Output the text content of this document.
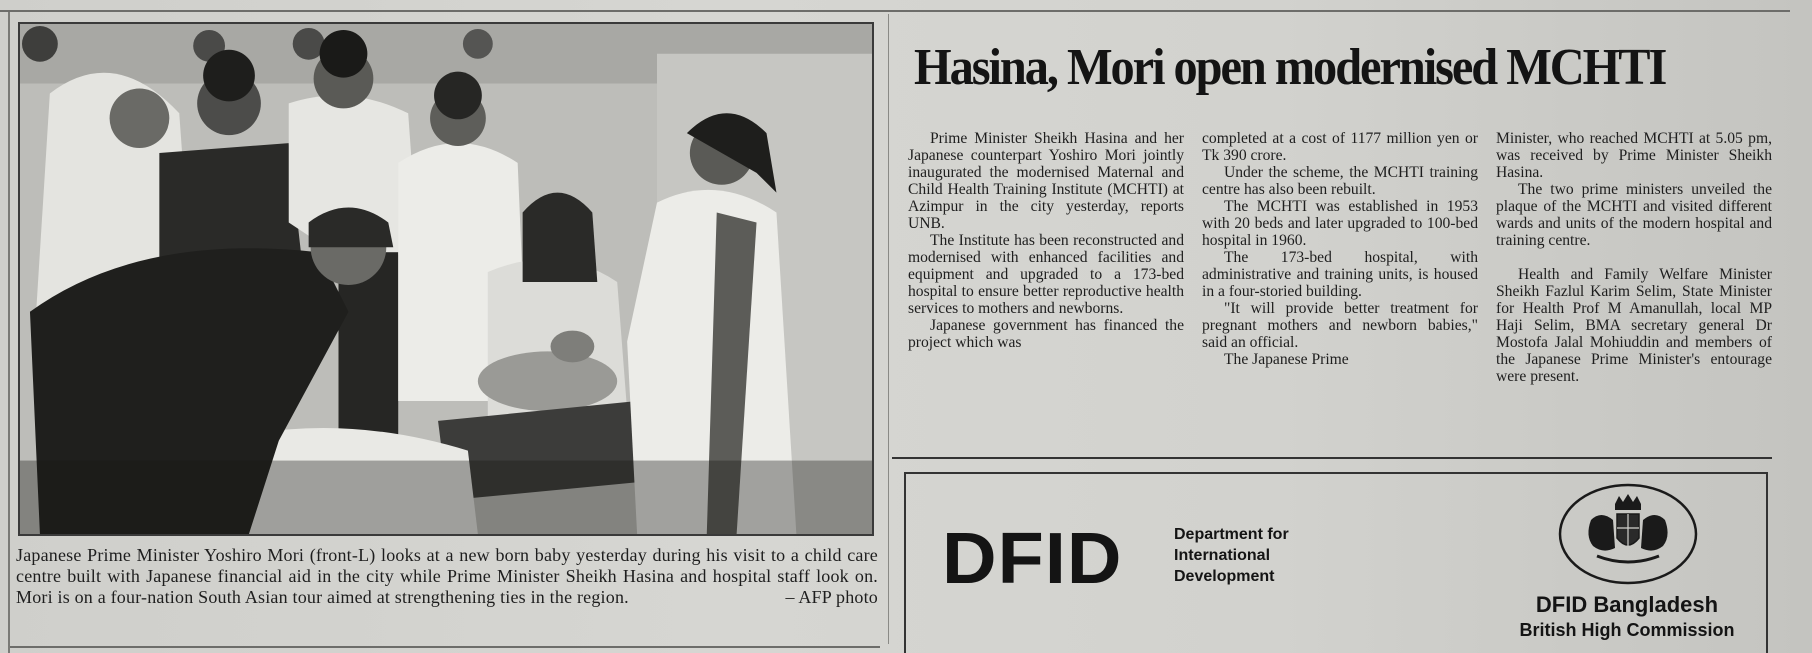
Japanese Prime Minister Yoshiro Mori (front-L) looks at a new born baby yesterday during his visit to a child care centre built with Japanese financial aid in the city while Prime Minister Sheikh Hasina and hospital staff look on. Mori is on a four-nation South Asian tour aimed at strengthening ties in the region.	– AFP photo
Hasina, Mori open modernised MCHTI

Prime Minister Sheikh Hasina and her Japanese counterpart Yoshiro Mori jointly inaugurated the modernised Maternal and Child Health Training Institute (MCHTI) at Azimpur in the city yesterday, reports UNB.

The Institute has been reconstructed and modernised with enhanced facilities and equipment and upgraded to a 173-bed hospital to ensure better reproductive health services to mothers and newborns.

Japanese government has financed the project which was

completed at a cost of 1177 million yen or Tk 390 crore.

Under the scheme, the MCHTI training centre has also been rebuilt.

The MCHTI was established in 1953 with 20 beds and later upgraded to 100-bed hospital in 1960.

The 173-bed hospital, with administrative and training units, is housed in a four-storied building.

"It will provide better treatment for pregnant mothers and newborn babies," said an official.

The Japanese Prime

Minister, who reached MCHTI at 5.05 pm, was received by Prime Minister Sheikh Hasina.

The two prime ministers unveiled the plaque of the MCHTI and visited different wards and units of the modern hospital and training centre.

Health and Family Welfare Minister Sheikh Fazlul Karim Selim, State Minister for Health Prof M Amanullah, local MP Haji Selim, BMA secretary general Dr Mostofa Jalal Mohiuddin and members of the Japanese Prime Minister's entourage were present.

DFID	Department for
International
Development
DFID Bangladesh
British High Commission
